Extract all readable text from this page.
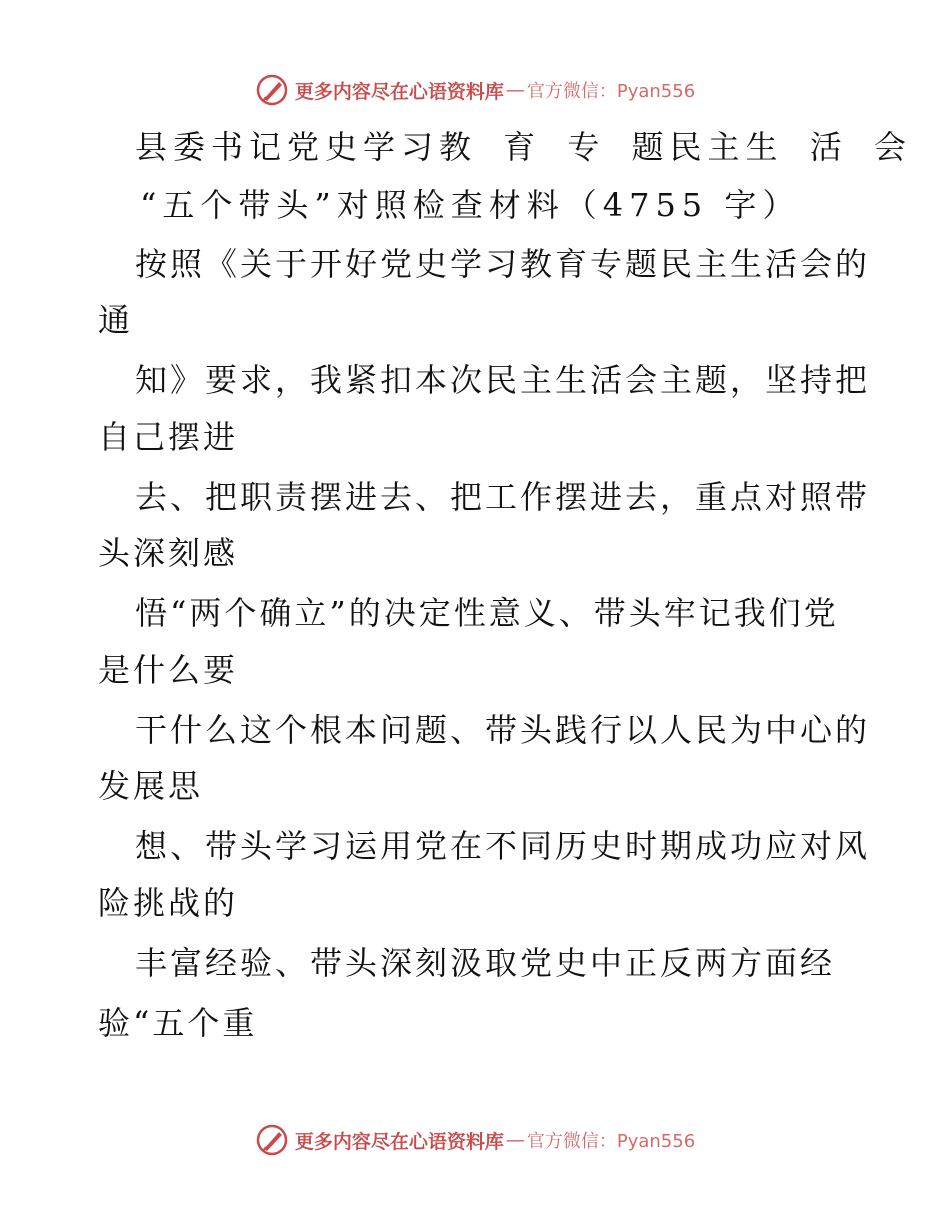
更多内容尽在心语资料库 — 官方微信：Pyan556
县委书记党史学习教 育 专 题民主生 活 会
“五个带头”对照检查材料（4755 字）
按照《关于开好党史学习教育专题民主生活会的
通
知》要求，我紧扣本次民主生活会主题，坚持把
自己摆进
去、把职责摆进去、把工作摆进去，重点对照带
头深刻感
悟“两个确立”的决定性意义、带头牢记我们党
是什么要
干什么这个根本问题、带头践行以人民为中心的
发展思
想、带头学习运用党在不同历史时期成功应对风
险挑战的
丰富经验、带头深刻汲取党史中正反两方面经
验“五个重
更多内容尽在心语资料库 — 官方微信：Pyan556
